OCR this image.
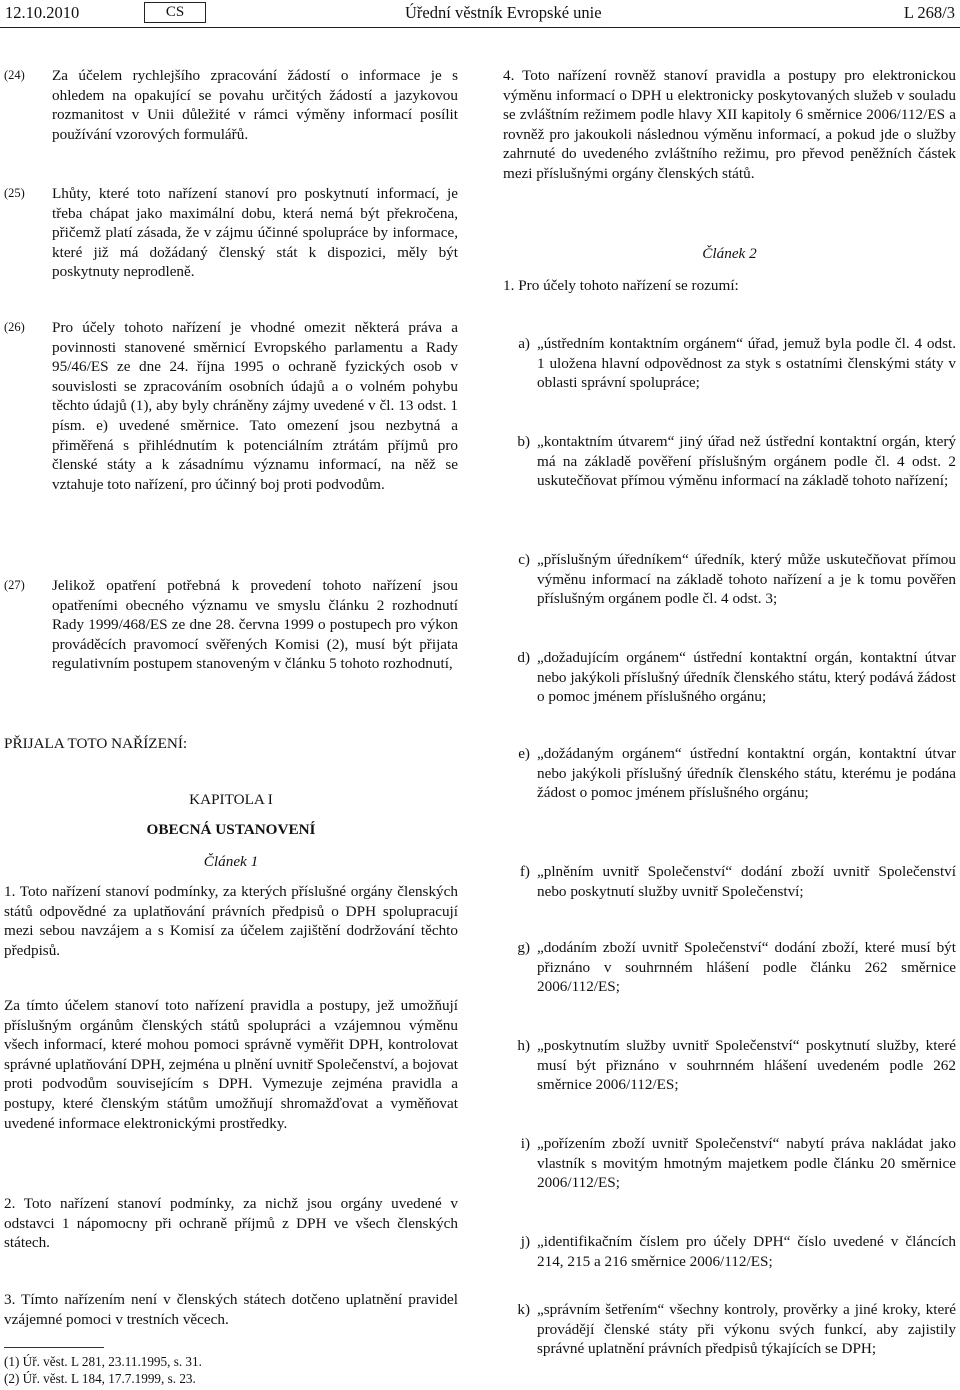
12.10.2010	CS	Úřední věstník Evropské unie	L 268/3
(24) Za účelem rychlejšího zpracování žádostí o informace je s ohledem na opakující se povahu určitých žádostí a jazykovou rozmanitost v Unii důležité v rámci výměny informací posílit používání vzorových formulářů.

(25) Lhůty, které toto nařízení stanoví pro poskytnutí informací, je třeba chápat jako maximální dobu, která nemá být překročena, přičemž platí zásada, že v zájmu účinné spolupráce by informace, které již má dožádaný členský stát k dispozici, měly být poskytnuty neprodleně.

(26) Pro účely tohoto nařízení je vhodné omezit některá práva a povinnosti stanovené směrnicí Evropského parlamentu a Rady 95/46/ES ze dne 24. října 1995 o ochraně fyzických osob v souvislosti se zpracováním osobních údajů a o volném pohybu těchto údajů (1), aby byly chráněny zájmy uvedené v čl. 13 odst. 1 písm. e) uvedené směrnice. Tato omezení jsou nezbytná a přiměřená s přihlédnutím k potenciálním ztrátám příjmů pro členské státy a k zásadnímu významu informací, na něž se vztahuje toto nařízení, pro účinný boj proti podvodům.

(27) Jelikož opatření potřebná k provedení tohoto nařízení jsou opatřeními obecného významu ve smyslu článku 2 rozhodnutí Rady 1999/468/ES ze dne 28. června 1999 o postupech pro výkon prováděcích pravomocí svěřených Komisi (2), musí být přijata regulativním postupem stanoveným v článku 5 tohoto rozhodnutí,

PŘIJALA TOTO NAŘÍZENÍ:

KAPITOLA I

OBECNÁ USTANOVENÍ

Článek 1

1. Toto nařízení stanoví podmínky, za kterých příslušné orgány členských států odpovědné za uplatňování právních předpisů o DPH spolupracují mezi sebou navzájem a s Komisí za účelem zajištění dodržování těchto předpisů.

Za tímto účelem stanoví toto nařízení pravidla a postupy, jež umožňují příslušným orgánům členských států spolupráci a vzájemnou výměnu všech informací, které mohou pomoci správně vyměřit DPH, kontrolovat správné uplatňování DPH, zejména u plnění uvnitř Společenství, a bojovat proti podvodům souvisejícím s DPH. Vymezuje zejména pravidla a postupy, které členským státům umožňují shromažďovat a vyměňovat uvedené informace elektronickými prostředky.

2. Toto nařízení stanoví podmínky, za nichž jsou orgány uvedené v odstavci 1 nápomocny při ochraně příjmů z DPH ve všech členských státech.

3. Tímto nařízením není v členských státech dotčeno uplatnění pravidel vzájemné pomoci v trestních věcech.

(1) Úř. věst. L 281, 23.11.1995, s. 31.
(2) Úř. věst. L 184, 17.7.1999, s. 23.

4. Toto nařízení rovněž stanoví pravidla a postupy pro elektronickou výměnu informací o DPH u elektronicky poskytovaných služeb v souladu se zvláštním režimem podle hlavy XII kapitoly 6 směrnice 2006/112/ES a rovněž pro jakoukoli následnou výměnu informací, a pokud jde o služby zahrnuté do uvedeného zvláštního režimu, pro převod peněžních částek mezi příslušnými orgány členských států.

Článek 2

1. Pro účely tohoto nařízení se rozumí:

a) „ústředním kontaktním orgánem“ úřad, jemuž byla podle čl. 4 odst. 1 uložena hlavní odpovědnost za styk s ostatními členskými státy v oblasti správní spolupráce;

b) „kontaktním útvarem“ jiný úřad než ústřední kontaktní orgán, který má na základě pověření příslušným orgánem podle čl. 4 odst. 2 uskutečňovat přímou výměnu informací na základě tohoto nařízení;

c) „příslušným úředníkem“ úředník, který může uskutečňovat přímou výměnu informací na základě tohoto nařízení a je k tomu pověřen příslušným orgánem podle čl. 4 odst. 3;

d) „dožadujícím orgánem“ ústřední kontaktní orgán, kontaktní útvar nebo jakýkoli příslušný úředník členského státu, který podává žádost o pomoc jménem příslušného orgánu;

e) „dožádaným orgánem“ ústřední kontaktní orgán, kontaktní útvar nebo jakýkoli příslušný úředník členského státu, kterému je podána žádost o pomoc jménem příslušného orgánu;

f) „plněním uvnitř Společenství“ dodání zboží uvnitř Společenství nebo poskytnutí služby uvnitř Společenství;

g) „dodáním zboží uvnitř Společenství“ dodání zboží, které musí být přiznáno v souhrnném hlášení podle článku 262 směrnice 2006/112/ES;

h) „poskytnutím služby uvnitř Společenství“ poskytnutí služby, které musí být přiznáno v souhrnném hlášení uvedeném podle 262 směrnice 2006/112/ES;

i) „pořízením zboží uvnitř Společenství“ nabytí práva nakládat jako vlastník s movitým hmotným majetkem podle článku 20 směrnice 2006/112/ES;

j) „identifikačním číslem pro účely DPH“ číslo uvedené v článcích 214, 215 a 216 směrnice 2006/112/ES;

k) „správním šetřením“ všechny kontroly, prověrky a jiné kroky, které provádějí členské státy při výkonu svých funkcí, aby zajistily správné uplatnění právních předpisů týkajících se DPH;
